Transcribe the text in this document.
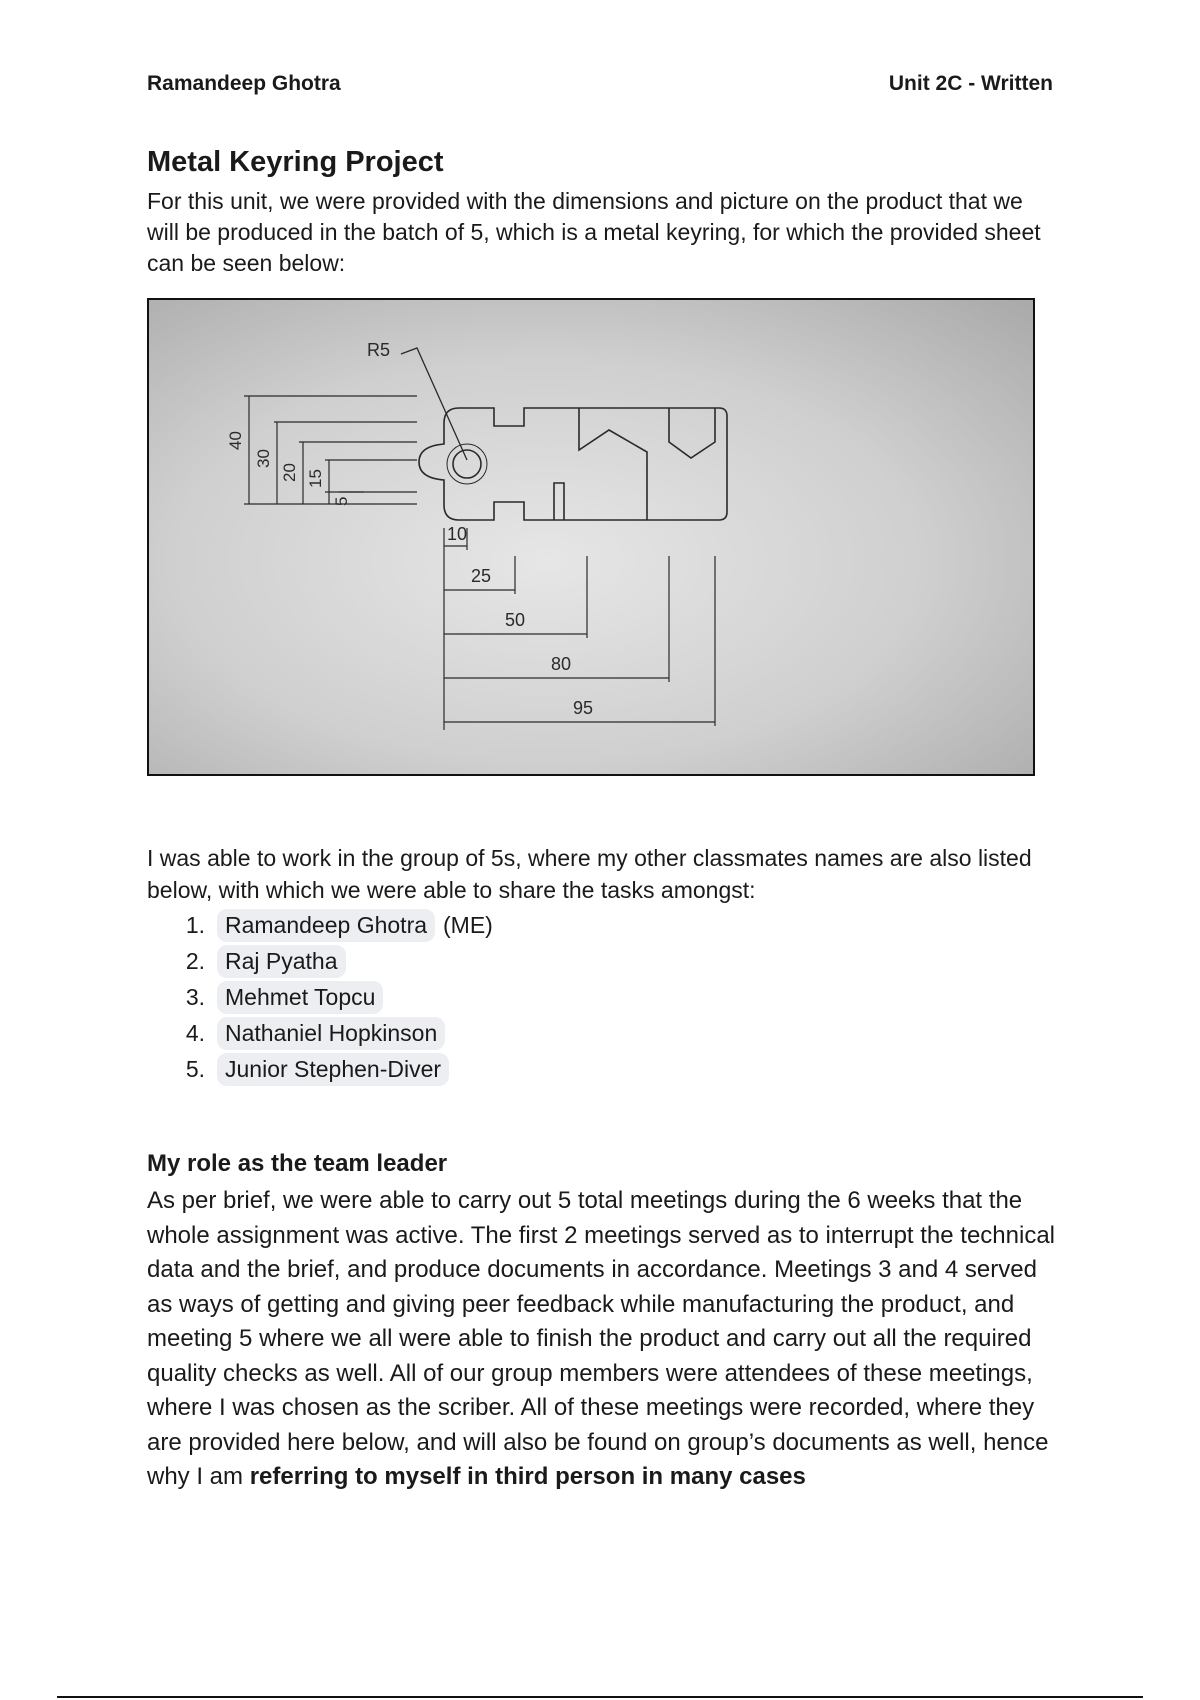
Ramandeep Ghotra	Unit 2C - Written
Metal Keyring Project

For this unit, we were provided with the dimensions and picture on the product that we will be produced in the batch of 5, which is a metal keyring, for which the provided sheet can be seen below:

R5
40
30
20 15
5
10
25
50
80
95

I was able to work in the group of 5s, where my other classmates names are also listed below, with which we were able to share the tasks amongst:

1. Ramandeep Ghotra (ME)
2. Raj Pyatha
3. Mehmet Topcu
4. Nathaniel Hopkinson
5. Junior Stephen-Diver
My role as the team leader

As per brief, we were able to carry out 5 total meetings during the 6 weeks that the whole assignment was active. The first 2 meetings served as to interrupt the technical data and the brief, and produce documents in accordance. Meetings 3 and 4 served as ways of getting and giving peer feedback while manufacturing the product, and meeting 5 where we all were able to finish the product and carry out all the required quality checks as well. All of our group members were attendees of these meetings, where I was chosen as the scriber. All of these meetings were recorded, where they are provided here below, and will also be found on group’s documents as well, hence why I am referring to myself in third person in many cases
